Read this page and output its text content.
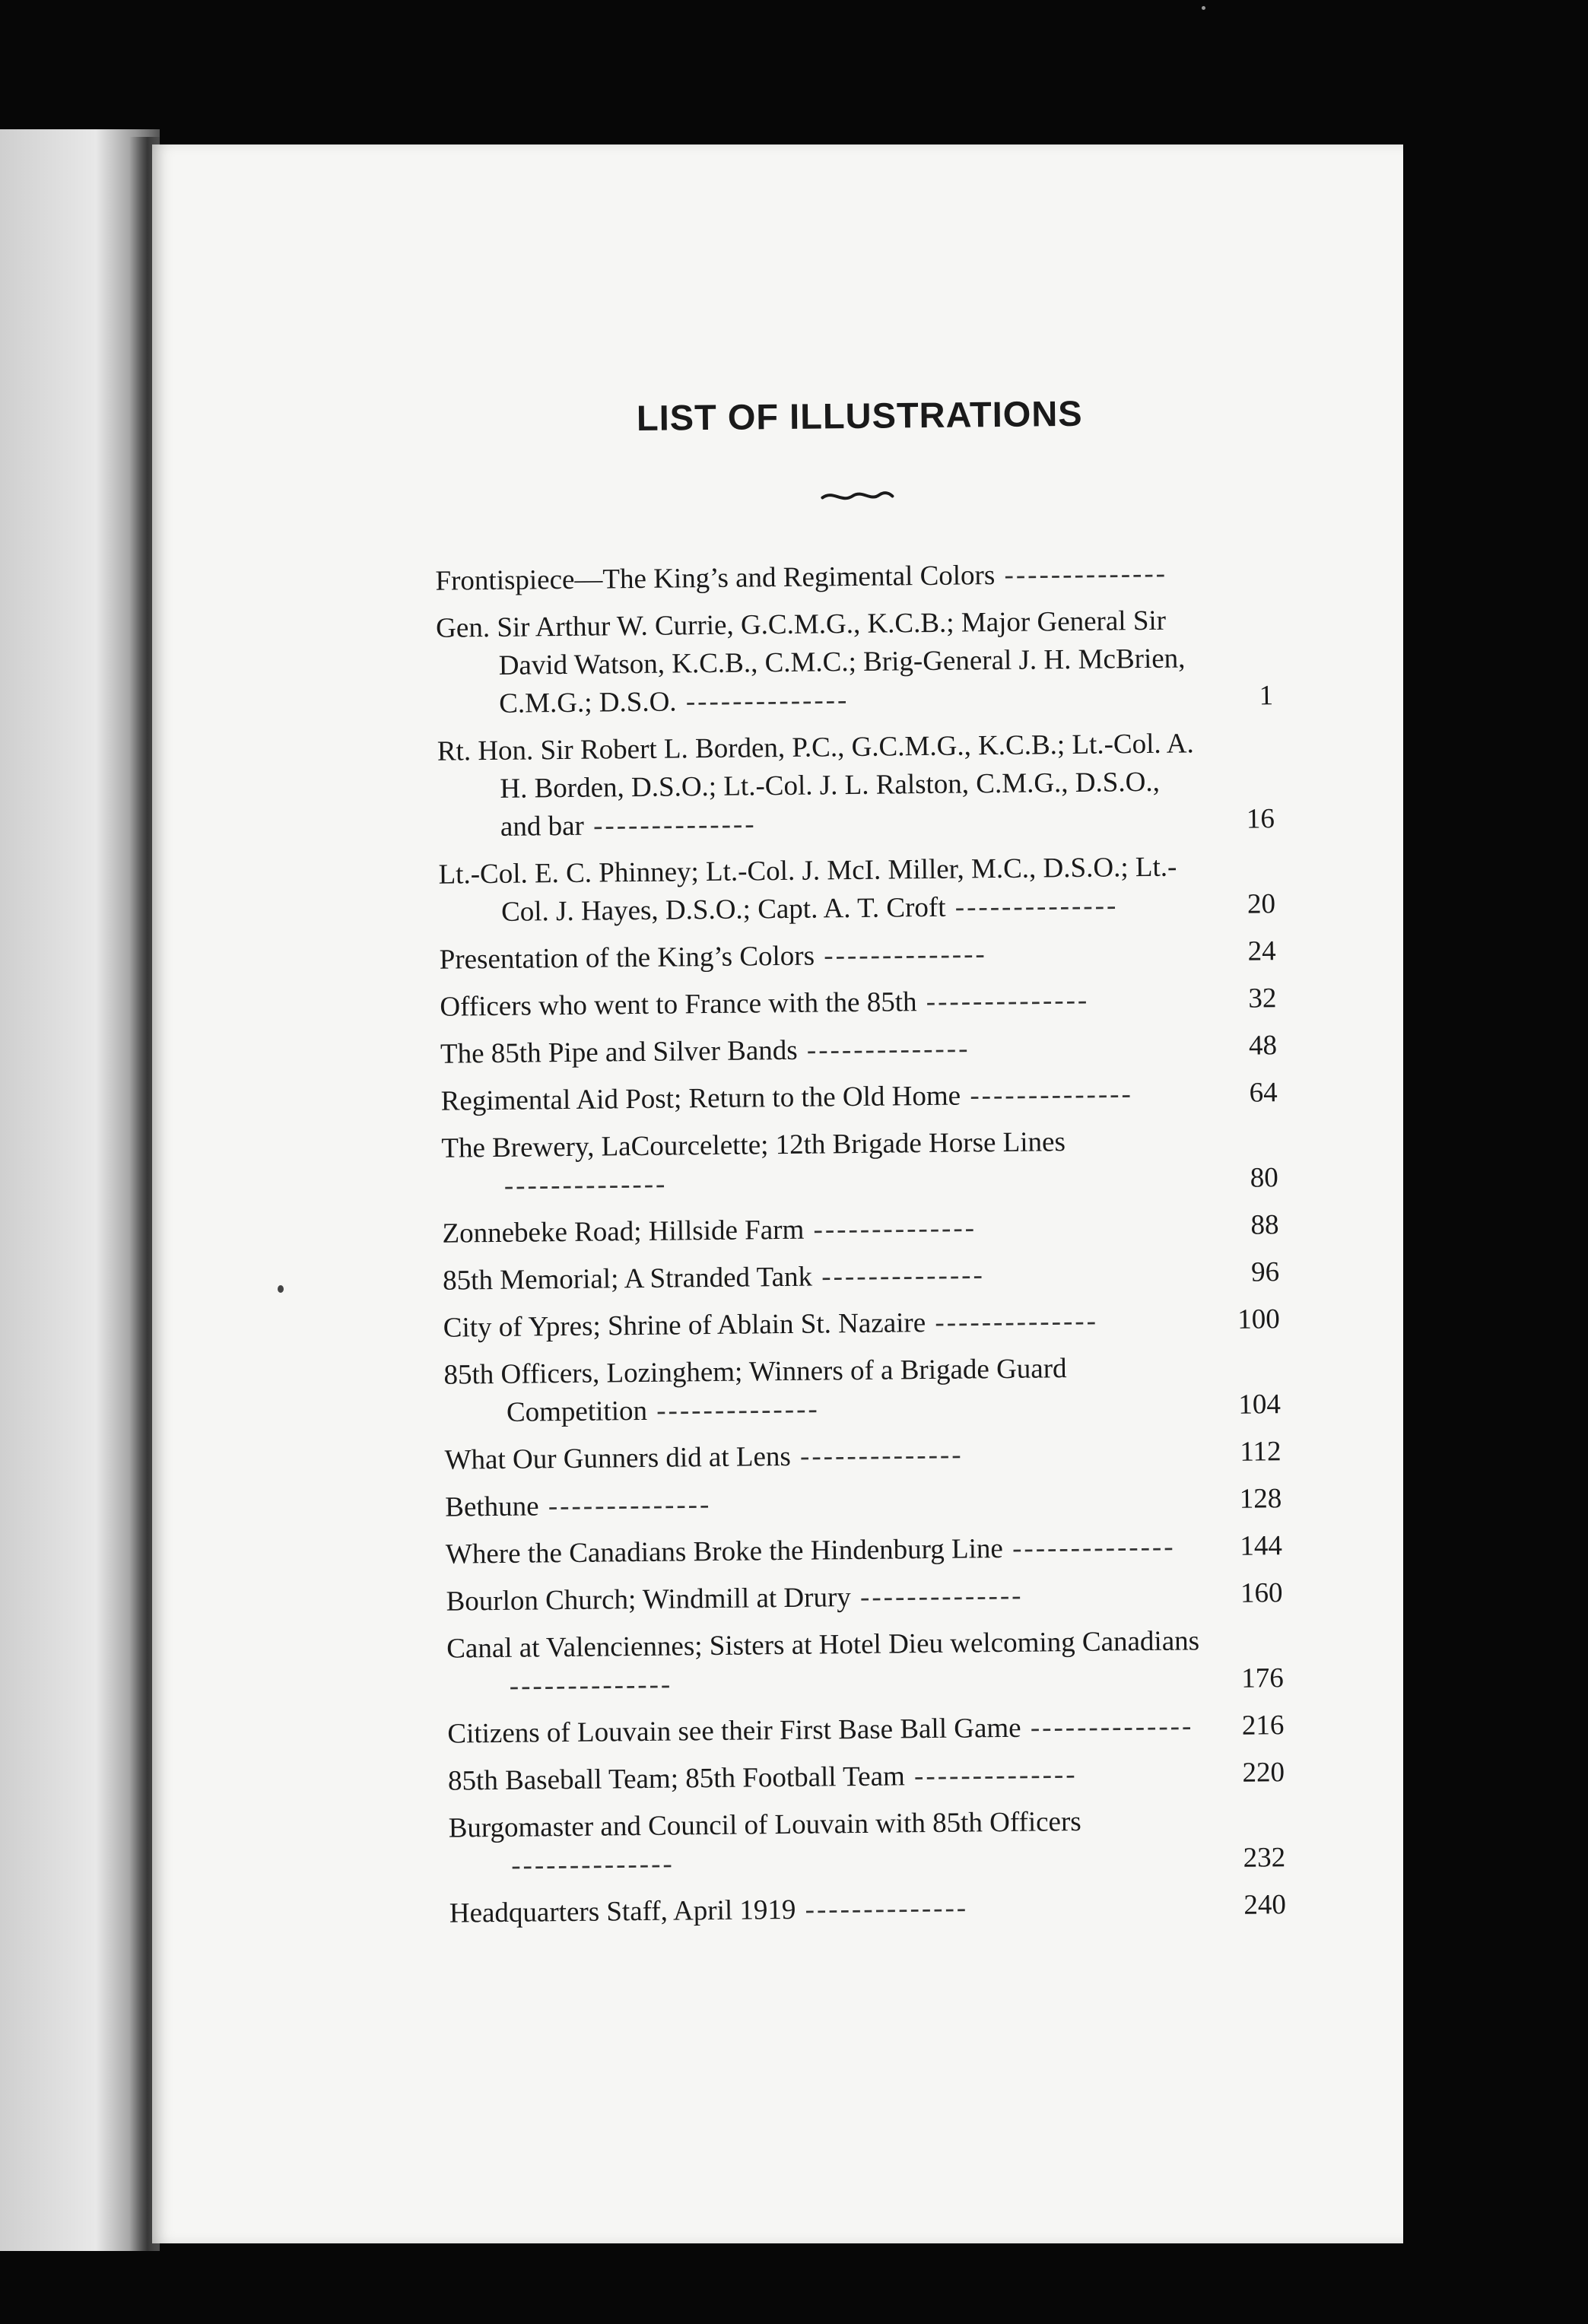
LIST OF ILLUSTRATIONS
Frontispiece—The King’s and Regimental Colors --------------
Gen. Sir Arthur W. Currie, G.C.M.G., K.C.B.; Major General Sir David Watson, K.C.B., C.M.C.; Brig-General J. H. McBrien, C.M.G.; D.S.O. --------------	1
Rt. Hon. Sir Robert L. Borden, P.C., G.C.M.G., K.C.B.; Lt.-Col. A. H. Borden, D.S.O.; Lt.-Col. J. L. Ralston, C.M.G., D.S.O., and bar --------------	16
Lt.-Col. E. C. Phinney; Lt.-Col. J. McI. Miller, M.C., D.S.O.; Lt.-Col. J. Hayes, D.S.O.; Capt. A. T. Croft --------------	20
Presentation of the King’s Colors --------------	24
Officers who went to France with the 85th --------------	32
The 85th Pipe and Silver Bands --------------	48
Regimental Aid Post; Return to the Old Home --------------	64
The Brewery, LaCourcelette; 12th Brigade Horse Lines --------------	80
Zonnebeke Road; Hillside Farm --------------	88
85th Memorial; A Stranded Tank --------------	96
City of Ypres; Shrine of Ablain St. Nazaire --------------	100
85th Officers, Lozinghem; Winners of a Brigade Guard Competition --------------	104
What Our Gunners did at Lens --------------	112
Bethune --------------	128
Where the Canadians Broke the Hindenburg Line --------------	144
Bourlon Church; Windmill at Drury --------------	160
Canal at Valenciennes; Sisters at Hotel Dieu welcoming Canadians --------------	176
Citizens of Louvain see their First Base Ball Game --------------	216
85th Baseball Team; 85th Football Team --------------	220
Burgomaster and Council of Louvain with 85th Officers --------------	232
Headquarters Staff, April 1919 --------------	240
